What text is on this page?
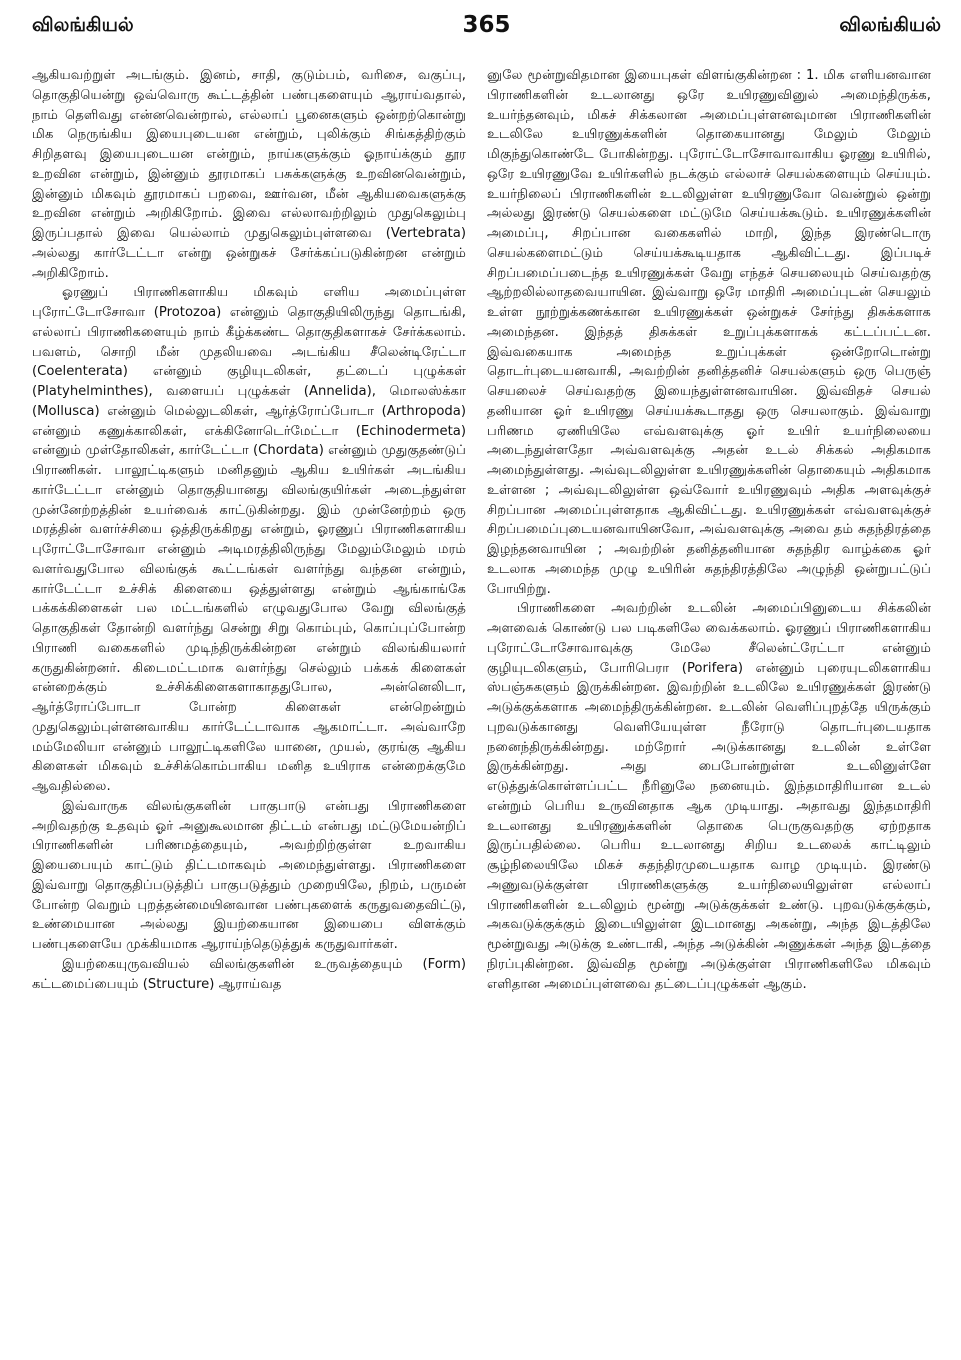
விலங்கியல்	365	விலங்கியல்

ஆகியவற்றுள் அடங்கும். இனம், சாதி, குடும்பம், வரிசை, வகுப்பு, தொகுதியென்று ஒவ்வொரு கூட்டத்தின் பண்புகளையும் ஆராய்வதால், நாம் தெளிவது என்னவென்றால், எல்லாப் பூனைகளும் ஒன்றற்கொன்று மிக நெருங்கிய இயைபுடையன என்றும், புலிக்கும் சிங்கத்திற்கும் சிறிதளவு இயைபுடையன என்றும், நாய்களுக்கும் ஓநாய்க்கும் தூர உறவின என்றும், இன்னும் தூரமாகப் பசுக்களுக்கு உறவினவென்றும், இன்னும் மிகவும் தூரமாகப் பறவை, ஊர்வன, மீன் ஆகியவைகளுக்கு உறவின என்றும் அறிகிறோம். இவை எல்லாவற்றிலும் முதுகெலும்பு இருப்பதால் இவை யெல்லாம் முதுகெலும்புள்ளவை (Vertebrata) அல்லது கார்டேட்டா என்று ஒன்றுகச் சேர்க்கப்படுகின்றன என்றும் அறிகிறோம்.

ஓரணுப் பிராணிகளாகிய மிகவும் எளிய அமைப்புள்ள புரோட்டோசோவா (Protozoa) என்னும் தொகுதியிலிருந்து தொடங்கி, எல்லாப் பிராணிகளையும் நாம் கீழ்க்கண்ட தொகுதிகளாகச் சேர்க்கலாம். பவளம், சொறி மீன் முதலியவை அடங்கிய சீலென்டிரேட்டா (Coelenterata) என்னும் குழியுடலிகள், தட்டைப் புழுக்கள் (Platyhelminthes), வளையப் புழுக்கள் (Annelida), மொலஸ்க்கா (Mollusca) என்னும் மெல்லுடலிகள், ஆர்த்ரோப்போடா (Arthropoda) என்னும் கணுக்காலிகள், எக்கினோடெர்மேட்டா (Echinodermeta) என்னும் முள்தோலிகள், கார்டேட்டா (Chordata) என்னும் முதுகுதண்டுப் பிராணிகள். பாலூட்டிகளும் மனிதனும் ஆகிய உயிர்கள் அடங்கிய கார்டேட்டா என்னும் தொகுதியானது விலங்குயிர்கள் அடைந்துள்ள முன்னேற்றத்தின் உயர்வைக் காட்டுகின்றது. இம் முன்னேற்றம் ஒரு மரத்தின் வளர்ச்சியை ஒத்திருக்கிறது என்றும், ஓரணுப் பிராணிகளாகிய புரோட்டோசோவா என்னும் அடிமரத்திலிருந்து மேலும்மேலும் மரம் வளர்வதுபோல விலங்குக் கூட்டங்கள் வளர்ந்து வந்தன என்றும், கார்டேட்டா உச்சிக் கிளையை ஒத்துள்ளது என்றும் ஆங்காங்கே பக்கக்கிளைகள் பல மட்டங்களில் எழுவதுபோல வேறு விலங்குத் தொகுதிகள் தோன்றி வளர்ந்து சென்று சிறு கொம்பும், கொப்புப்போன்ற பிராணி வகைகளில் முடிந்திருக்கின்றன என்றும் விலங்கியலார் கருதுகின்றனர். கிடைமட்டமாக வளர்ந்து செல்லும் பக்கக் கிளைகள் என்றைக்கும் உச்சிக்கிளைகளாகாததுபோல, அன்னெலிடா, ஆர்த்ரோப்போடா போன்ற கிளைகள் என்றென்றும் முதுகெலும்புள்ளனவாகிய கார்டேட்டாவாக ஆகமாட்டா. அவ்வாறே மம்மேலியா என்னும் பாலூட்டிகளிலே யானை, முயல், குரங்கு ஆகிய கிளைகள் மிகவும் உச்சிக்கொம்பாகிய மனித உயிராக என்றைக்குமே ஆவதில்லை.

இவ்வாருக விலங்குகளின் பாகுபாடு என்பது பிராணிகளை அறிவதற்கு உதவும் ஓர் அனுகூலமான திட்டம் என்பது மட்டுமேயன்றிப் பிராணிகளின் பரிணமத்தையும், அவற்றிற்குள்ள உறவாகிய இயைபையும் காட்டும் திட்டமாகவும் அமைந்துள்ளது. பிராணிகளை இவ்வாறு தொகுதிப்படுத்திப் பாகுபடுத்தும் முறையிலே, நிறம், பருமன் போன்ற வெறும் புறத்தன்மையினவான பண்புகளைக் கருதுவதைவிட்டு, உண்மையான அல்லது இயற்கையான இயைபை விளக்கும் பண்புகளையே முக்கியமாக ஆராய்ந்தெடுத்துக் கருதுவார்கள்.

இயற்கையுருவவியல் விலங்குகளின் உருவத்தையும் (Form) கட்டமைப்பையும் (Structure) ஆராய்வத

னுலே மூன்றுவிதமான இயைபுகள் விளங்குகின்றன : 1. மிக எளியனவான பிராணிகளின் உடலானது ஒரே உயிரணுவினுல் அமைந்திருக்க, உயர்ந்தனவும், மிகச் சிக்கலான அமைப்புள்ளனவுமான பிராணிகளின் உடலிலே உயிரணுக்களின் தொகையானது மேலும் மேலும் மிகுந்துகொண்டே போகின்றது. புரோட்டோசோவாவாகிய ஓரணு உயிரில், ஒரே உயிரணுவே உயிர்களில் நடக்கும் எல்லாச் செயல்களையும் செய்யும். உயர்நிலைப் பிராணிகளின் உடலிலுள்ள உயிரணுவோ வென்றுல் ஒன்று அல்லது இரண்டு செயல்களை மட்டுமே செய்யக்கூடும். உயிரணுக்களின் அமைப்பு, சிறப்பான வகைகளில் மாறி, இந்த இரண்டொரு செயல்களைமட்டும் செய்யக்கூடியதாக ஆகிவிட்டது. இப்படிச் சிறப்பமைப்படைந்த உயிரணுக்கள் வேறு எந்தச் செயலையும் செய்வதற்கு ஆற்றலில்லாதவையாயின. இவ்வாறு ஒரே மாதிரி அமைப்புடன் செயலும் உள்ள நூற்றுக்கணக்கான உயிரணுக்கள் ஒன்றுகச் சேர்ந்து திசுக்களாக அமைந்தன. இந்தத் திசுக்கள் உறுப்புக்களாகக் கட்டப்பட்டன. இவ்வகையாக அமைந்த உறுப்புக்கள் ஒன்றோடொன்று தொடர்புடையனவாகி, அவற்றின் தனித்தனிச் செயல்களும் ஒரு பெருஞ் செயலைச் செய்வதற்கு இயைந்துள்ளனவாயின. இவ்விதச் செயல் தனியான ஓர் உயிரணு செய்யக்கூடாதது ஒரு செயலாகும். இவ்வாறு பரிணம ஏணியிலே எவ்வளவுக்கு ஓர் உயிர் உயர்நிலையை அடைந்துள்ளதோ அவ்வளவுக்கு அதன் உடல் சிக்கல் அதிகமாக அமைந்துள்ளது. அவ்வுடலிலுள்ள உயிரணுக்களின் தொகையும் அதிகமாக உள்ளன ; அவ்வுடலிலுள்ள ஒவ்வோர் உயிரணுவும் அதிக அளவுக்குச் சிறப்பான அமைப்புள்ளதாக ஆகிவிட்டது. உயிரணுக்கள் எவ்வளவுக்குச் சிறப்பமைப்புடையனவாயினவோ, அவ்வளவுக்கு அவை தம் சுதந்திரத்தை இழந்தனவாயின ; அவற்றின் தனித்தனியான சுதந்திர வாழ்க்கை ஓர் உடலாக அமைந்த முழு உயிரின் சுதந்திரத்திலே அழுந்தி ஒன்றுபட்டுப் போயிற்று.

பிராணிகளை அவற்றின் உடலின் அமைப்பினுடைய சிக்கலின் அளவைக் கொண்டு பல படிகளிலே வைக்கலாம். ஓரணுப் பிராணிகளாகிய புரோட்டோசோவாவுக்கு மேலே சீலென்ட்ரேட்டா என்னும் குழியுடலிகளும், போரிபெரா (Porifera) என்னும் புரையுடலிகளாகிய ஸ்பஞ்சுகளும் இருக்கின்றன. இவற்றின் உடலிலே உயிரணுக்கள் இரண்டு அடுக்குக்களாக அமைந்திருக்கின்றன. உடலின் வெளிப்புறத்தே யிருக்கும் புறவடுக்கானது வெளியேயுள்ள நீரோடு தொடர்புடையதாக நனைந்திருக்கின்றது. மற்றோர் அடுக்கானது உடலின் உள்ளே இருக்கின்றது. அது பைபோன்றுள்ள உடலினுள்ளே எடுத்துக்கொள்ளப்பட்ட நீரினுலே நனையும். இந்தமாதிரியான உடல் என்றும் பெரிய உருவினதாக ஆக முடியாது. அதாவது இந்தமாதிரி உடலானது உயிரணுக்களின் தொகை பெருகுவதற்கு ஏற்றதாக இருப்பதில்லை. பெரிய உடலானது சிறிய உடலைக் காட்டிலும் சூழ்நிலையிலே மிகச் சுதந்திரமுடையதாக வாழ முடியும். இரண்டு அணுவடுக்குள்ள பிராணிகளுக்கு உயர்நிலையிலுள்ள எல்லாப் பிராணிகளின் உடலிலும் மூன்று அடுக்குக்கள் உண்டு. புறவடுக்குக்கும், அகவடுக்குக்கும் இடையிலுள்ள இடமானது அகன்று, அந்த இடத்திலே மூன்றுவது அடுக்கு உண்டாகி, அந்த அடுக்கின் அணுக்கள் அந்த இடத்தை நிரப்புகின்றன. இவ்வித மூன்று அடுக்குள்ள பிராணிகளிலே மிகவும் எளிதான அமைப்புள்ளவை தட்டைப்புழுக்கள் ஆகும்.
